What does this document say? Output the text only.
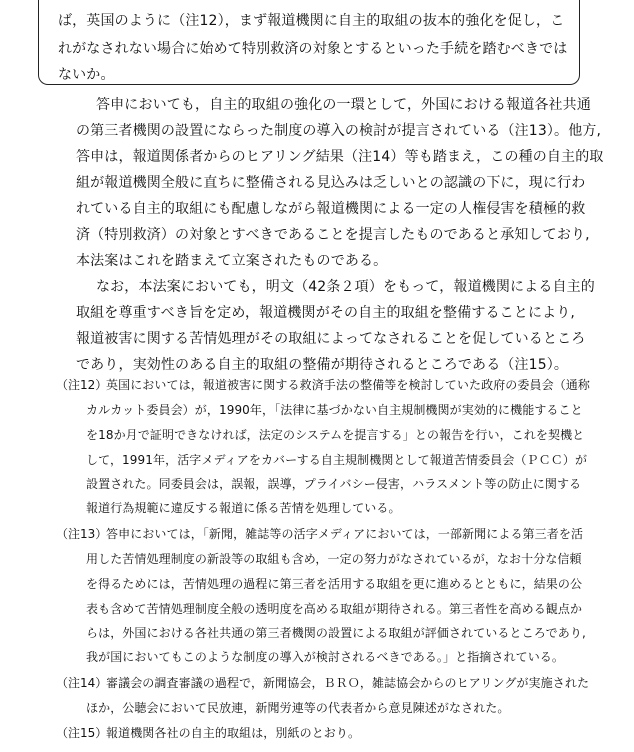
ば，英国のように（注12），まず報道機関に自主的取組の抜本的強化を促し，こ
れがなされない場合に始めて特別救済の対象とするといった手続を踏むべきでは
ないか。
答申においても，自主的取組の強化の一環として，外国における報道各社共通
の第三者機関の設置にならった制度の導入の検討が提言されている（注13）。他方,
答申は，報道関係者からのヒアリング結果（注14）等も踏まえ，この種の自主的取
組が報道機関全般に直ちに整備される見込みは乏しいとの認識の下に，現に行わ
れている自主的取組にも配慮しながら報道機関による一定の人権侵害を積極的救
済（特別救済）の対象とすべきであることを提言したものであると承知しており,
本法案はこれを踏まえて立案されたものである。
なお，本法案においても，明文（42条２項）をもって，報道機関による自主的
取組を尊重すべき旨を定め，報道機関がその自主的取組を整備することにより,
報道被害に関する苦情処理がその取組によってなされることを促しているところ
であり，実効性のある自主的取組の整備が期待されるところである（注15）。
（注12）
英国においては，報道被害に関する救済手法の整備等を検討していた政府の委員会（通称
カルカット委員会）が，1990年，「法律に基づかない自主規制機関が実効的に機能すること
を18か月で証明できなければ，法定のシステムを提言する」との報告を行い，これを契機と
して，1991年，活字メディアをカバーする自主規制機関として報道苦情委員会（ＰＣＣ）が
設置された。同委員会は，誤報，誤導，プライバシー侵害，ハラスメント等の防止に関する
報道行為規範に違反する報道に係る苦情を処理している。
（注13）
答申においては，「新聞，雑誌等の活字メディアにおいては，一部新聞による第三者を活
用した苦情処理制度の新設等の取組も含め，一定の努力がなされているが，なお十分な信頼
を得るためには，苦情処理の過程に第三者を活用する取組を更に進めるとともに，結果の公
表も含めて苦情処理制度全般の透明度を高める取組が期待される。第三者性を高める観点か
らは，外国における各社共通の第三者機関の設置による取組が評価されているところであり,
我が国においてもこのような制度の導入が検討されるべきである。」と指摘されている。
（注14）
審議会の調査審議の過程で，新聞協会，ＢＲＯ，雑誌協会からのヒアリングが実施された
ほか，公聴会において民放連，新聞労連等の代表者から意見陳述がなされた。
（注15）
報道機関各社の自主的取組は，別紙のとおり。
